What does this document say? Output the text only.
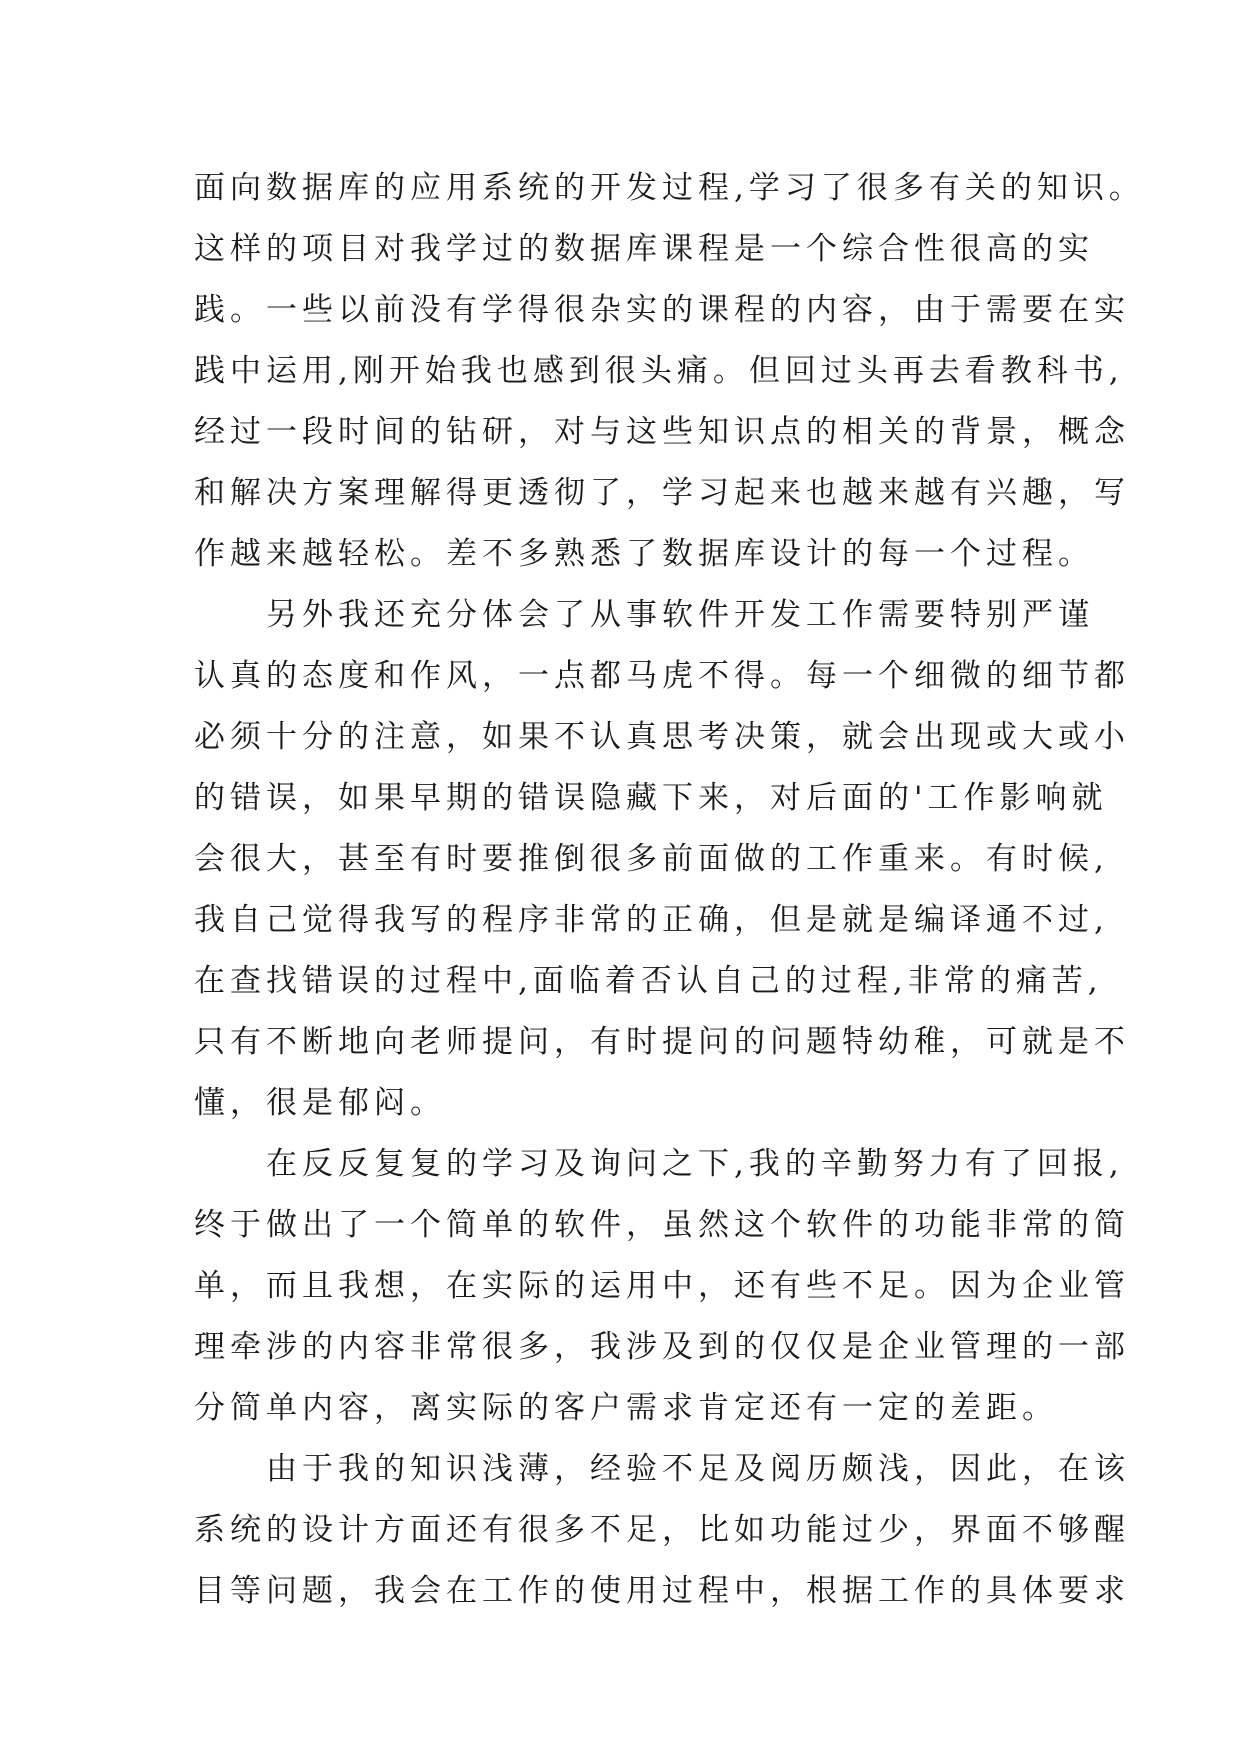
面向数据库的应用系统的开发过程,学习了很多有关的知识。
这样的项目对我学过的数据库课程是一个综合性很高的实
践。一些以前没有学得很杂实的课程的内容，由于需要在实
践中运用,刚开始我也感到很头痛。但回过头再去看教科书,
经过一段时间的钻研，对与这些知识点的相关的背景，概念
和解决方案理解得更透彻了，学习起来也越来越有兴趣，写
作越来越轻松。差不多熟悉了数据库设计的每一个过程。
另外我还充分体会了从事软件开发工作需要特别严谨
认真的态度和作风，一点都马虎不得。每一个细微的细节都
必须十分的注意，如果不认真思考决策，就会出现或大或小
的错误，如果早期的错误隐藏下来，对后面的'工作影响就
会很大，甚至有时要推倒很多前面做的工作重来。有时候,
我自己觉得我写的程序非常的正确，但是就是编译通不过,
在查找错误的过程中,面临着否认自己的过程,非常的痛苦,
只有不断地向老师提问，有时提问的问题特幼稚，可就是不
懂，很是郁闷。
在反反复复的学习及询问之下,我的辛勤努力有了回报,
终于做出了一个简单的软件，虽然这个软件的功能非常的简
单，而且我想，在实际的运用中，还有些不足。因为企业管
理牵涉的内容非常很多，我涉及到的仅仅是企业管理的一部
分简单内容，离实际的客户需求肯定还有一定的差距。
由于我的知识浅薄，经验不足及阅历颇浅，因此，在该
系统的设计方面还有很多不足，比如功能过少，界面不够醒
目等问题，我会在工作的使用过程中，根据工作的具体要求
